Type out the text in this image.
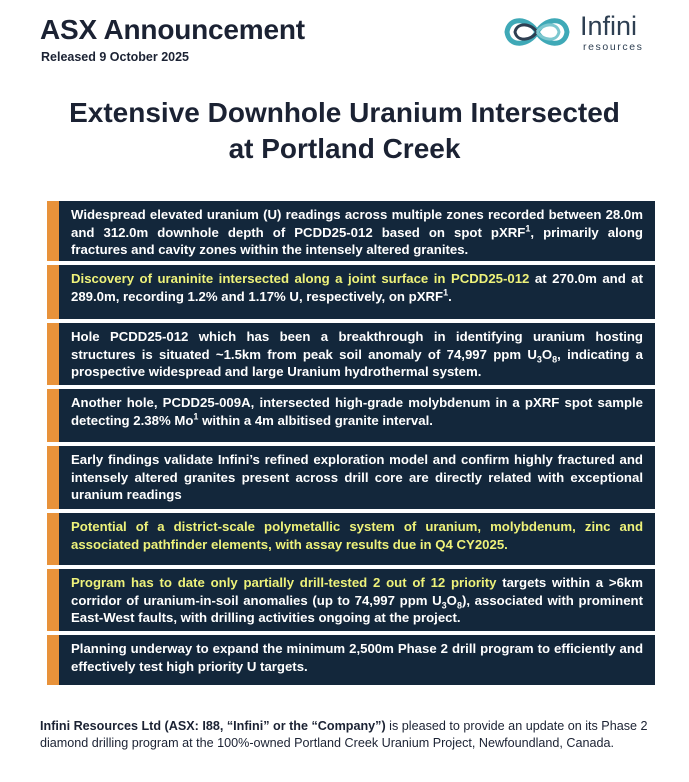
ASX Announcement
Released 9 October 2025
Infini
resources
Extensive Downhole Uranium Intersected
at Portland Creek

Widespread elevated uranium (U) readings across multiple zones recorded between 28.0m and 312.0m downhole depth of PCDD25-012 based on spot pXRF$^1$, primarily along fractures and cavity zones within the intensely altered granites.

Discovery of uraninite intersected along a joint surface in PCDD25-012 at 270.0m and at 289.0m, recording 1.2% and 1.17% U, respectively, on pXRF$^1$.

Hole PCDD25-012 which has been a breakthrough in identifying uranium hosting structures is situated ~1.5km from peak soil anomaly of 74,997 ppm $U_3O_8$, indicating a prospective widespread and large Uranium hydrothermal system.

Another hole, PCDD25-009A, intersected high-grade molybdenum in a pXRF spot sample detecting 2.38% Mo$^1$ within a 4m albitised granite interval.

Early findings validate Infini’s refined exploration model and confirm highly fractured and intensely altered granites present across drill core are directly related with exceptional uranium readings

Potential of a district-scale polymetallic system of uranium, molybdenum, zinc and associated pathfinder elements, with assay results due in Q4 CY2025.

Program has to date only partially drill-tested 2 out of 12 priority targets within a >6km corridor of uranium-in-soil anomalies (up to 74,997 ppm $U_3O_8$), associated with prominent East-West faults, with drilling activities ongoing at the project.

Planning underway to expand the minimum 2,500m Phase 2 drill program to efficiently and effectively test high priority U targets.

Infini Resources Ltd (ASX: I88, “Infini” or the “Company”) is pleased to provide an update on its Phase 2 diamond drilling program at the 100%-owned Portland Creek Uranium Project, Newfoundland, Canada.
